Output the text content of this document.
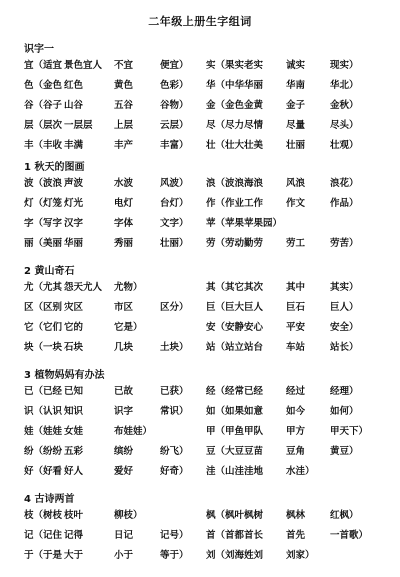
二年级上册生字组词
识字一
宜（适宜 景色宜人 不宜	便宜） 实（果实 老实 诚实	现实）
色（金色 红色	黄色	色彩） 华（中华 华丽 华南	华北）
谷（谷子 山谷	五谷	谷物） 金（金色 金黄 金子	金秋）
层（层次 一层层 上层	云层） 尽（尽力 尽情 尽量	尽头）
丰（丰收 丰满	丰产	丰富） 壮（壮大 壮美 壮丽	壮观）
1 秋天的图画
波（波浪 声波	水波	风波） 浪（波浪 海浪 风浪	浪花）
灯（灯笼 灯光	电灯	台灯） 作（作业 工作 作文	作品）
字（写字 汉字	字体	文字） 苹（苹果 苹果园）
丽（美丽 华丽	秀丽	壮丽） 劳（劳动 勤劳 劳工	劳苦）
2 黄山奇石
尤（尤其 怨天尤人 尤物）	其（其它 其次 其中	其实）
区（区别 灾区	市区	区分） 巨（巨大 巨人 巨石	巨人）
它（它们 它的	它是）	安（安静 安心 平安	安全）
块（一块 石块	几块	土块） 站（站立 站台 车站	站长）
3 植物妈妈有办法
已（已经 已知	已故	已获） 经（经常 已经 经过	经理）
识（认识 知识	识字	常识） 如（如果 如意 如今	如何）
娃（娃娃 女娃	布娃娃）	甲（甲鱼 甲队 甲方	甲天下）
纷（纷纷 五彩	缤纷	纷飞） 豆（大豆 豆苗 豆角	黄豆）
好（好看 好人	爱好	好奇） 洼（山洼 洼地 水洼）
4 古诗两首
枝（树枝 枝叶	柳枝）	枫（枫叶 枫树 枫林	红枫）
记（记住 记得	日记	记号） 首（首都 首长 首先	一首歌）
于（于是 大于	小于	等于） 刘（刘海 姓刘 刘家）
